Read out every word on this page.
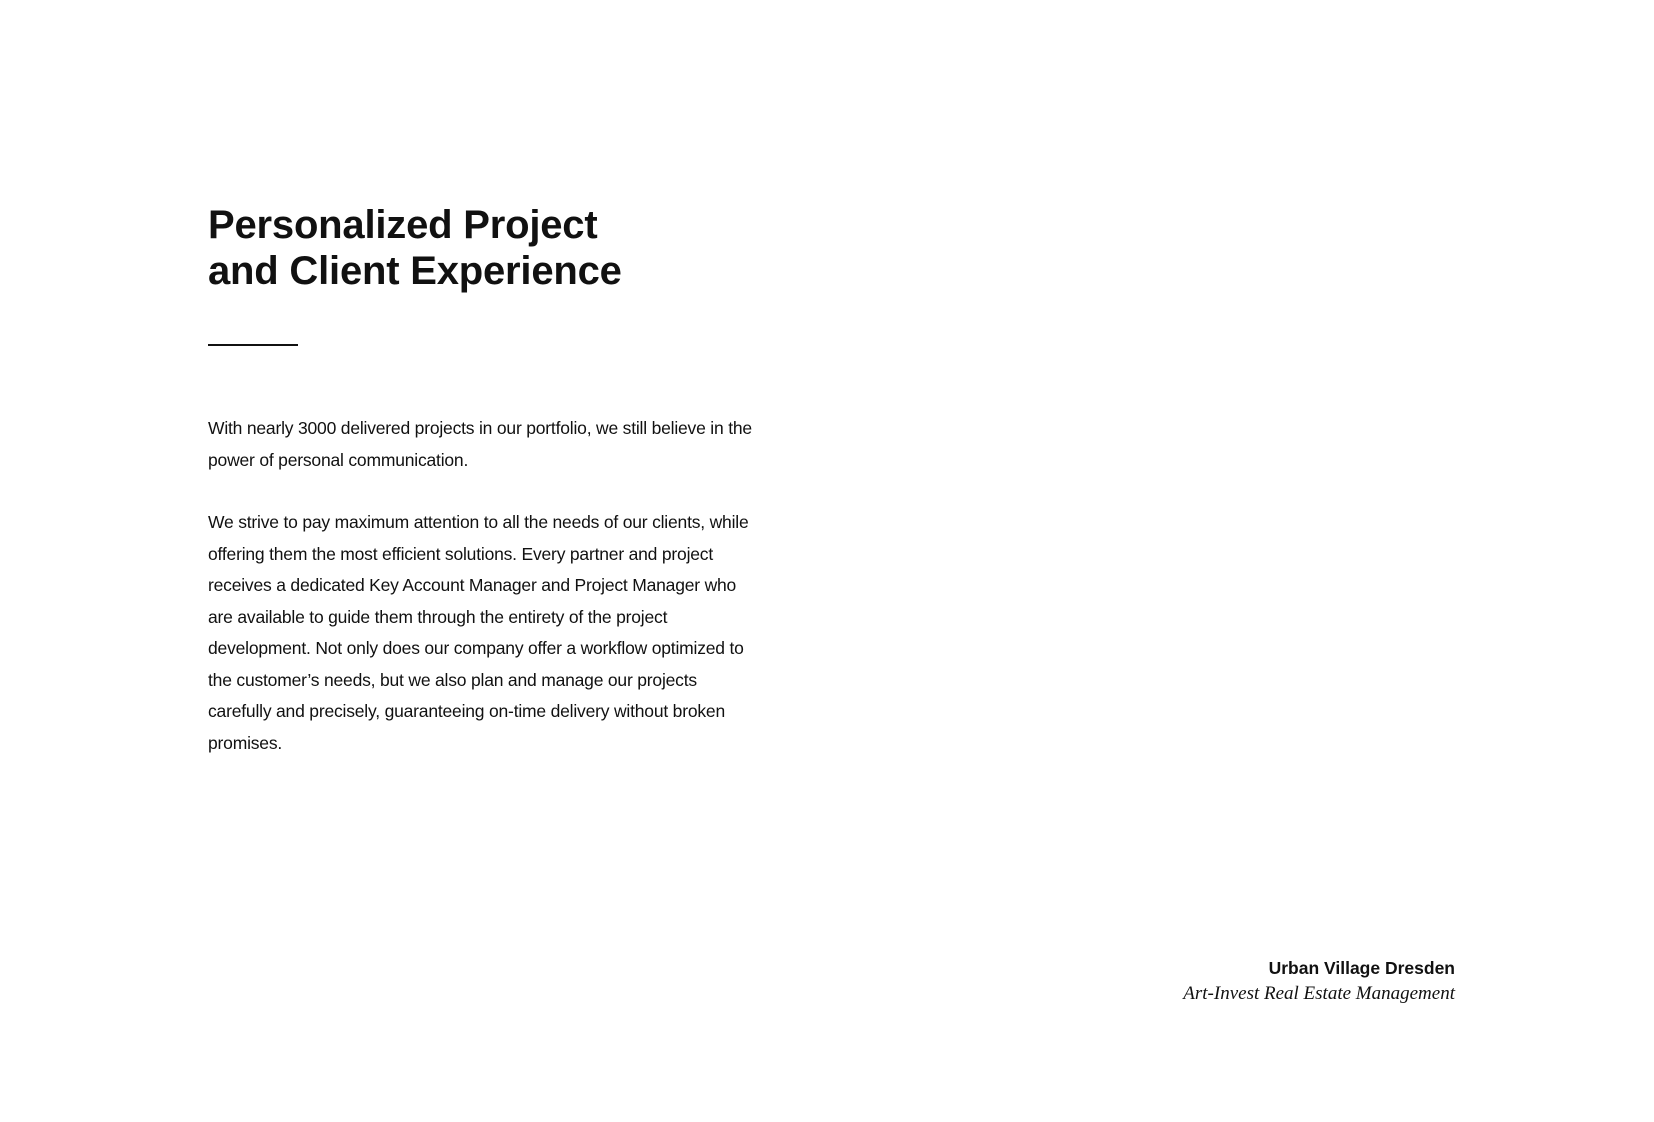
Personalized Project
and Client Experience

With nearly 3000 delivered projects in our portfolio, we still believe in the power of personal communication.

We strive to pay maximum attention to all the needs of our clients, while offering them the most efficient solutions. Every partner and project receives a dedicated Key Account Manager and Project Manager who are available to guide them through the entirety of the project development. Not only does our company offer a workflow optimized to the customer’s needs, but we also plan and manage our projects carefully and precisely, guaranteeing on-time delivery without broken promises.

Urban Village Dresden
Art-Invest Real Estate Management
